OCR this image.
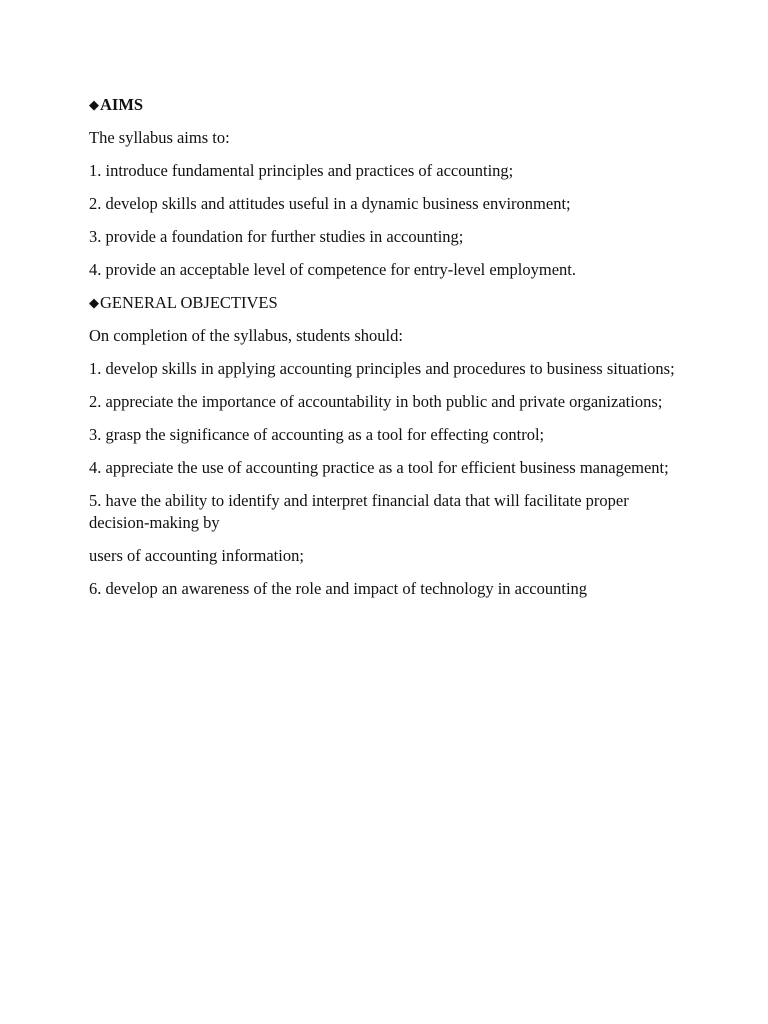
◆AIMS

The syllabus aims to:

1. introduce fundamental principles and practices of accounting;

2. develop skills and attitudes useful in a dynamic business environment;

3. provide a foundation for further studies in accounting;

4. provide an acceptable level of competence for entry-level employment.

◆GENERAL OBJECTIVES

On completion of the syllabus, students should:

1. develop skills in applying accounting principles and procedures to business situations;

2. appreciate the importance of accountability in both public and private organizations;

3. grasp the significance of accounting as a tool for effecting control;

4. appreciate the use of accounting practice as a tool for efficient business management;

5. have the ability to identify and interpret financial data that will facilitate proper decision-making by

users of accounting information;

6. develop an awareness of the role and impact of technology in accounting
